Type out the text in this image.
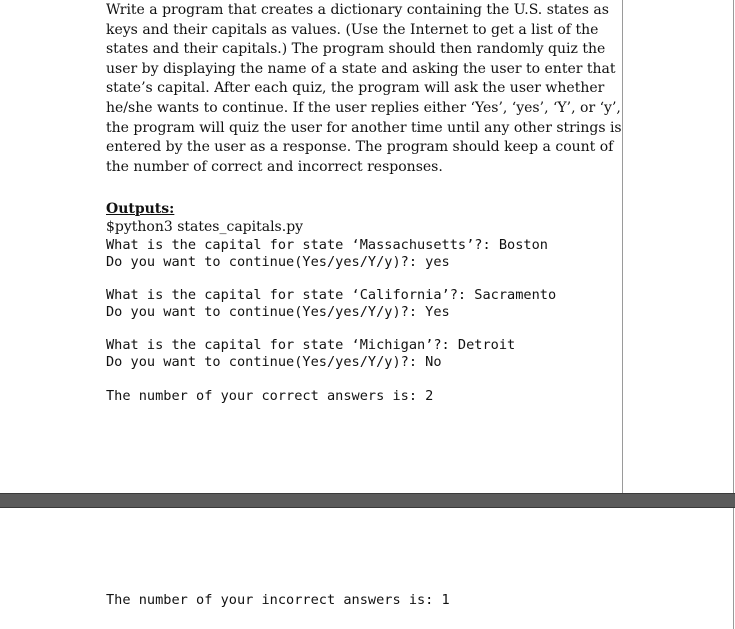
Write a program that creates a dictionary containing the U.S. states as
keys and their capitals as values. (Use the Internet to get a list of the
states and their capitals.) The program should then randomly quiz the
user by displaying the name of a state and asking the user to enter that
state’s capital. After each quiz, the program will ask the user whether
he/she wants to continue. If the user replies either ‘Yes’, ‘yes’, ‘Y’, or ‘y’,
the program will quiz the user for another time until any other strings is
entered by the user as a response. The program should keep a count of
the number of correct and incorrect responses.
Outputs:
$python3 states_capitals.py
What is the capital for state ‘Massachusetts’?: Boston
Do you want to continue(Yes/yes/Y/y)?: yes
What is the capital for state ‘California’?: Sacramento
Do you want to continue(Yes/yes/Y/y)?: Yes
What is the capital for state ‘Michigan’?: Detroit
Do you want to continue(Yes/yes/Y/y)?: No
The number of your correct answers is: 2
The number of your incorrect answers is: 1
